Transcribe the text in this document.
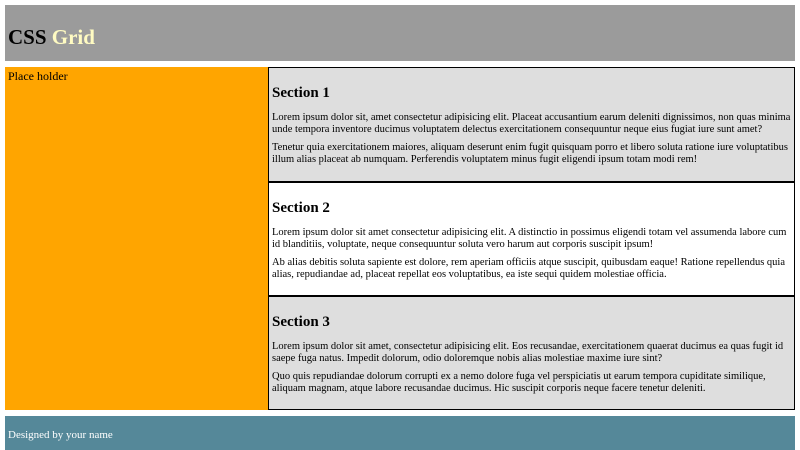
CSS Grid
Place holder
Section 1

Lorem ipsum dolor sit, amet consectetur adipisicing elit. Placeat accusantium earum deleniti dignissimos, non quas minima unde tempora inventore ducimus voluptatem delectus exercitationem consequuntur neque eius fugiat iure sunt amet?

Tenetur quia exercitationem maiores, aliquam deserunt enim fugit quisquam porro et libero soluta ratione iure voluptatibus illum alias placeat ab numquam. Perferendis voluptatem minus fugit eligendi ipsum totam modi rem!

Section 2

Lorem ipsum dolor sit amet consectetur adipisicing elit. A distinctio in possimus eligendi totam vel assumenda labore cum id blanditiis, voluptate, neque consequuntur soluta vero harum aut corporis suscipit ipsum!

Ab alias debitis soluta sapiente est dolore, rem aperiam officiis atque suscipit, quibusdam eaque! Ratione repellendus quia alias, repudiandae ad, placeat repellat eos voluptatibus, ea iste sequi quidem molestiae officia.

Section 3

Lorem ipsum dolor sit amet, consectetur adipisicing elit. Eos recusandae, exercitationem quaerat ducimus ea quas fugit id saepe fuga natus. Impedit dolorum, odio doloremque nobis alias molestiae maxime iure sint?

Quo quis repudiandae dolorum corrupti ex a nemo dolore fuga vel perspiciatis ut earum tempora cupiditate similique, aliquam magnam, atque labore recusandae ducimus. Hic suscipit corporis neque facere tenetur deleniti.

Designed by your name
